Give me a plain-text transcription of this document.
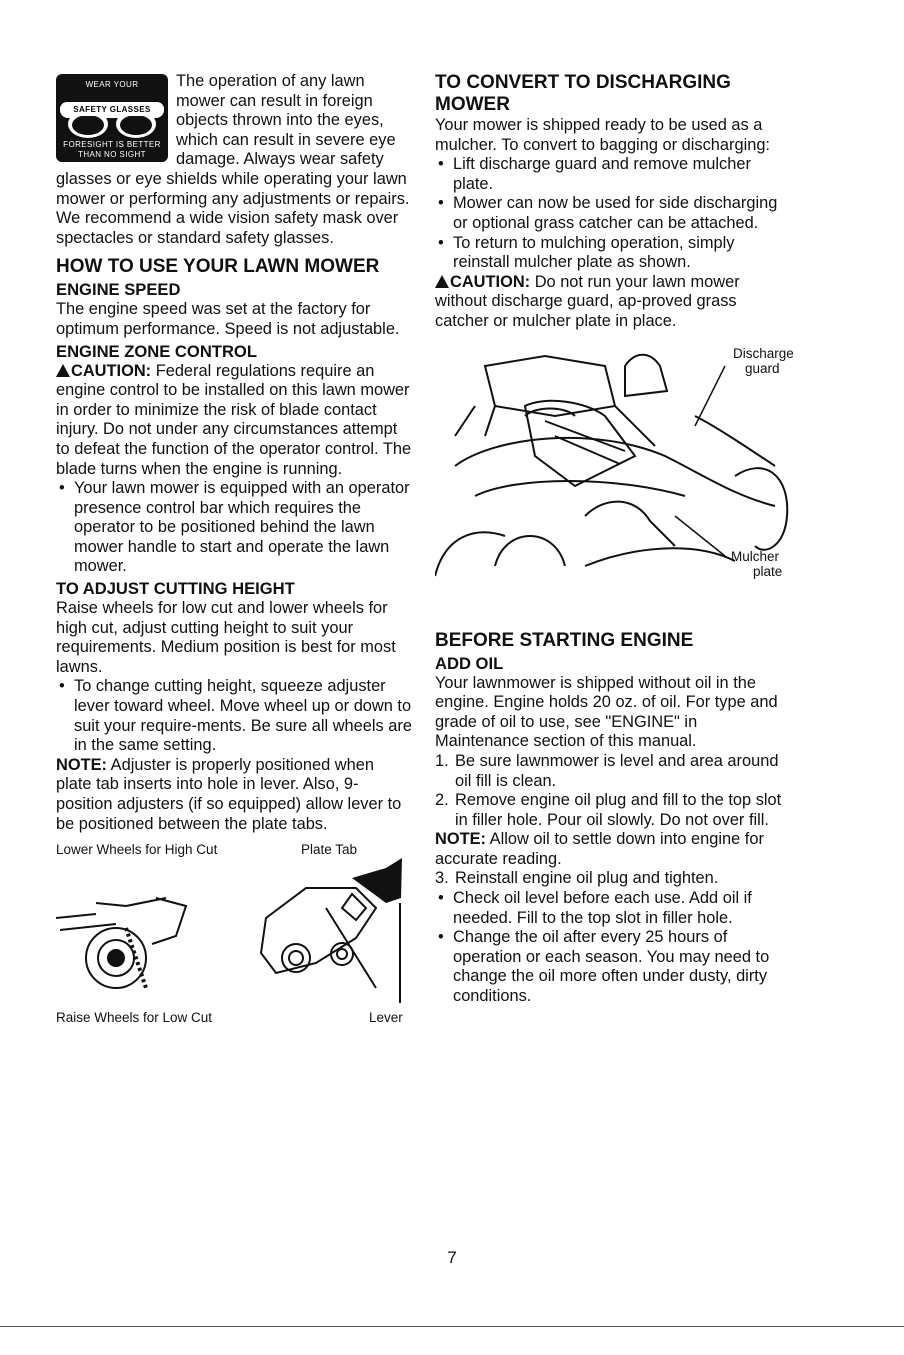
WEAR YOUR
SAFETY GLASSES
FORESIGHT IS BETTER
THAN NO SIGHT

The operation of any lawn mower can result in foreign objects thrown into the eyes, which can result in severe eye damage. Always wear safety glasses or eye shields while operating your lawn mower or performing any adjustments or repairs. We recommend a wide vision safety mask over spectacles or standard safety glasses.

HOW TO USE YOUR LAWN MOWER

ENGINE SPEED

The engine speed was set at the factory for optimum performance. Speed is not adjustable.

ENGINE ZONE CONTROL

CAUTION: Federal regulations require an engine control to be installed on this lawn mower in order to minimize the risk of blade contact injury. Do not under any circumstances attempt to defeat the function of the operator control. The blade turns when the engine is running.

• Your lawn mower is equipped with an operator presence control bar which requires the operator to be positioned behind the lawn mower handle to start and operate the lawn mower.

TO ADJUST CUTTING HEIGHT

Raise wheels for low cut and lower wheels for high cut, adjust cutting height to suit your requirements. Medium position is best for most lawns.

• To change cutting height, squeeze adjuster lever toward wheel. Move wheel up or down to suit your require-ments. Be sure all wheels are in the same setting.

NOTE: Adjuster is properly positioned when plate tab inserts into hole in lever. Also, 9-position adjusters (if so equipped) allow lever to be positioned between the plate tabs.

Lower Wheels for High Cut	Plate Tab
Raise Wheels for Low Cut	Lever

TO CONVERT TO DISCHARGING MOWER

Your mower is shipped ready to be used as a mulcher. To convert to bagging or discharging:

• Lift discharge guard and remove mulcher plate.
• Mower can now be used for side discharging or optional grass catcher can be attached.
• To return to mulching operation, simply reinstall mulcher plate as shown.

CAUTION: Do not run your lawn mower without discharge guard, ap-proved grass catcher or mulcher plate in place.

Discharge
guard
Mulcher
plate

BEFORE STARTING ENGINE

ADD OIL

Your lawnmower is shipped without oil in the engine. Engine holds 20 oz. of oil. For type and grade of oil to use, see "ENGINE" in Maintenance section of this manual.

1. Be sure lawnmower is level and area around oil fill is clean.
2. Remove engine oil plug and fill to the top slot in filler hole. Pour oil slowly. Do not over fill.

NOTE: Allow oil to settle down into engine for accurate reading.

3. Reinstall engine oil plug and tighten.
• Check oil level before each use. Add oil if needed. Fill to the top slot in filler hole.
• Change the oil after every 25 hours of operation or each season. You may need to change the oil more often under dusty, dirty conditions.
7
